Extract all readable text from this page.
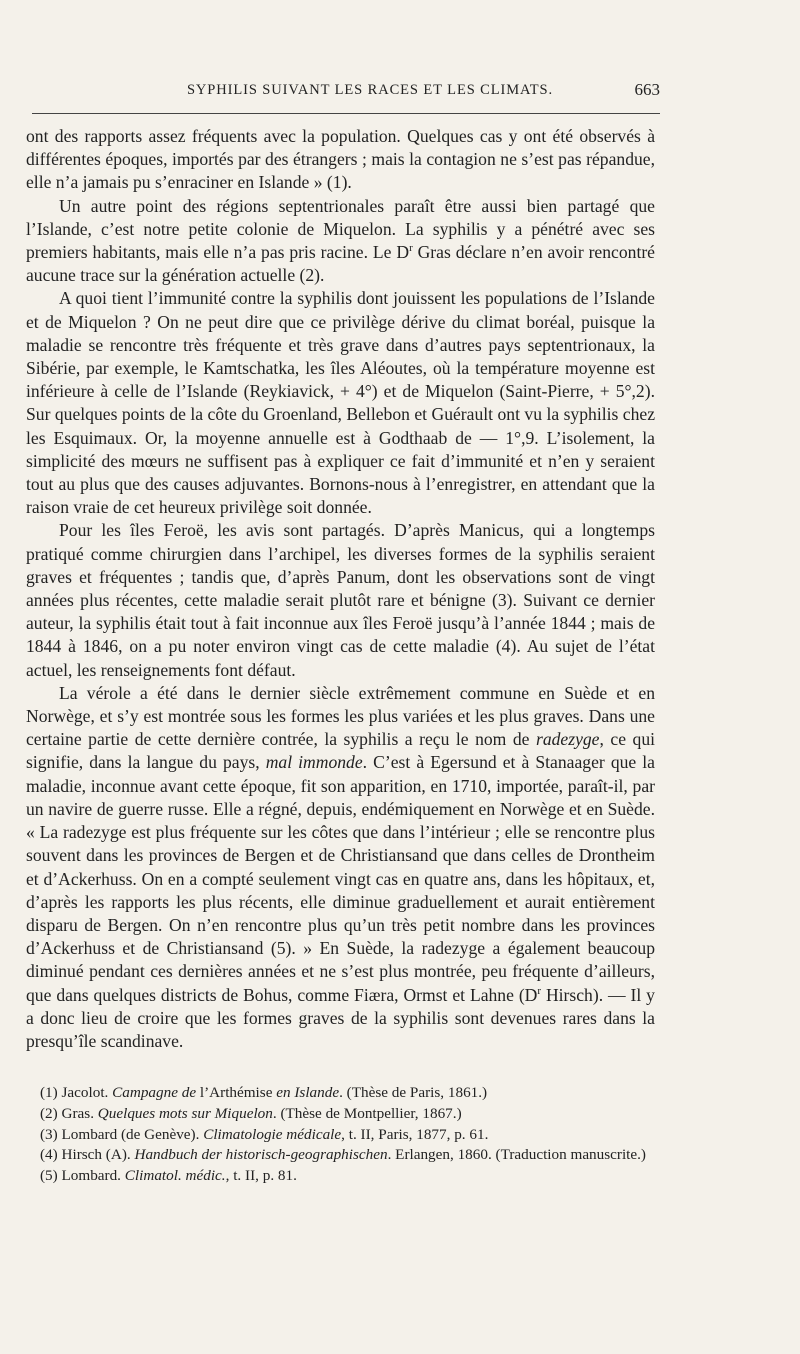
SYPHILIS SUIVANT LES RACES ET LES CLIMATS.	663

ont des rapports assez fréquents avec la population. Quelques cas y ont été observés à différentes époques, importés par des étrangers ; mais la contagion ne s’est pas répandue, elle n’a jamais pu s’enraciner en Islande » (1).

Un autre point des régions septentrionales paraît être aussi bien partagé que l’Islande, c’est notre petite colonie de Miquelon. La syphilis y a pénétré avec ses premiers habitants, mais elle n’a pas pris racine. Le $D^r$ Gras déclare n’en avoir rencontré aucune trace sur la génération actuelle (2).

A quoi tient l’immunité contre la syphilis dont jouissent les populations de l’Islande et de Miquelon ? On ne peut dire que ce privilège dérive du climat boréal, puisque la maladie se rencontre très fréquente et très grave dans d’autres pays septentrionaux, la Sibérie, par exemple, le Kamtschatka, les îles Aléoutes, où la température moyenne est inférieure à celle de l’Islande (Reykiavick, + 4°) et de Miquelon (Saint-Pierre, + 5°,2). Sur quelques points de la côte du Groenland, Bellebon et Guérault ont vu la syphilis chez les Esquimaux. Or, la moyenne annuelle est à Godthaab de — 1°,9. L’isolement, la simplicité des mœurs ne suffisent pas à expliquer ce fait d’immunité et n’en y seraient tout au plus que des causes adjuvantes. Bornons-nous à l’enregistrer, en attendant que la raison vraie de cet heureux privilège soit donnée.

Pour les îles Feroë, les avis sont partagés. D’après Manicus, qui a longtemps pratiqué comme chirurgien dans l’archipel, les diverses formes de la syphilis seraient graves et fréquentes ; tandis que, d’après Panum, dont les observations sont de vingt années plus récentes, cette maladie serait plutôt rare et bénigne (3). Suivant ce dernier auteur, la syphilis était tout à fait inconnue aux îles Feroë jusqu’à l’année 1844 ; mais de 1844 à 1846, on a pu noter environ vingt cas de cette maladie (4). Au sujet de l’état actuel, les renseignements font défaut.

La vérole a été dans le dernier siècle extrêmement commune en Suède et en Norwège, et s’y est montrée sous les formes les plus variées et les plus graves. Dans une certaine partie de cette dernière contrée, la syphilis a reçu le nom de radezyge, ce qui signifie, dans la langue du pays, mal immonde. C’est à Egersund et à Stanaager que la maladie, inconnue avant cette époque, fit son apparition, en 1710, importée, paraît-il, par un navire de guerre russe. Elle a régné, depuis, endémiquement en Norwège et en Suède. « La radezyge est plus fréquente sur les côtes que dans l’intérieur ; elle se rencontre plus souvent dans les provinces de Bergen et de Christiansand que dans celles de Drontheim et d’Ackerhuss. On en a compté seulement vingt cas en quatre ans, dans les hôpitaux, et, d’après les rapports les plus récents, elle diminue graduellement et aurait entièrement disparu de Bergen. On n’en rencontre plus qu’un très petit nombre dans les provinces d’Ackerhuss et de Christiansand (5). » En Suède, la radezyge a également beaucoup diminué pendant ces dernières années et ne s’est plus montrée, peu fréquente d’ailleurs, que dans quelques districts de Bohus, comme Fiæra, Ormst et Lahne ($D^r$ Hirsch). — Il y a donc lieu de croire que les formes graves de la syphilis sont devenues rares dans la presqu’île scandinave.

(1) Jacolot. Campagne de l’Arthémise en Islande. (Thèse de Paris, 1861.)

(2) Gras. Quelques mots sur Miquelon. (Thèse de Montpellier, 1867.)

(3) Lombard (de Genève). Climatologie médicale, t. II, Paris, 1877, p. 61.

(4) Hirsch (A). Handbuch der historisch-geographischen. Erlangen, 1860. (Traduction manuscrite.)

(5) Lombard. Climatol. médic., t. II, p. 81.
